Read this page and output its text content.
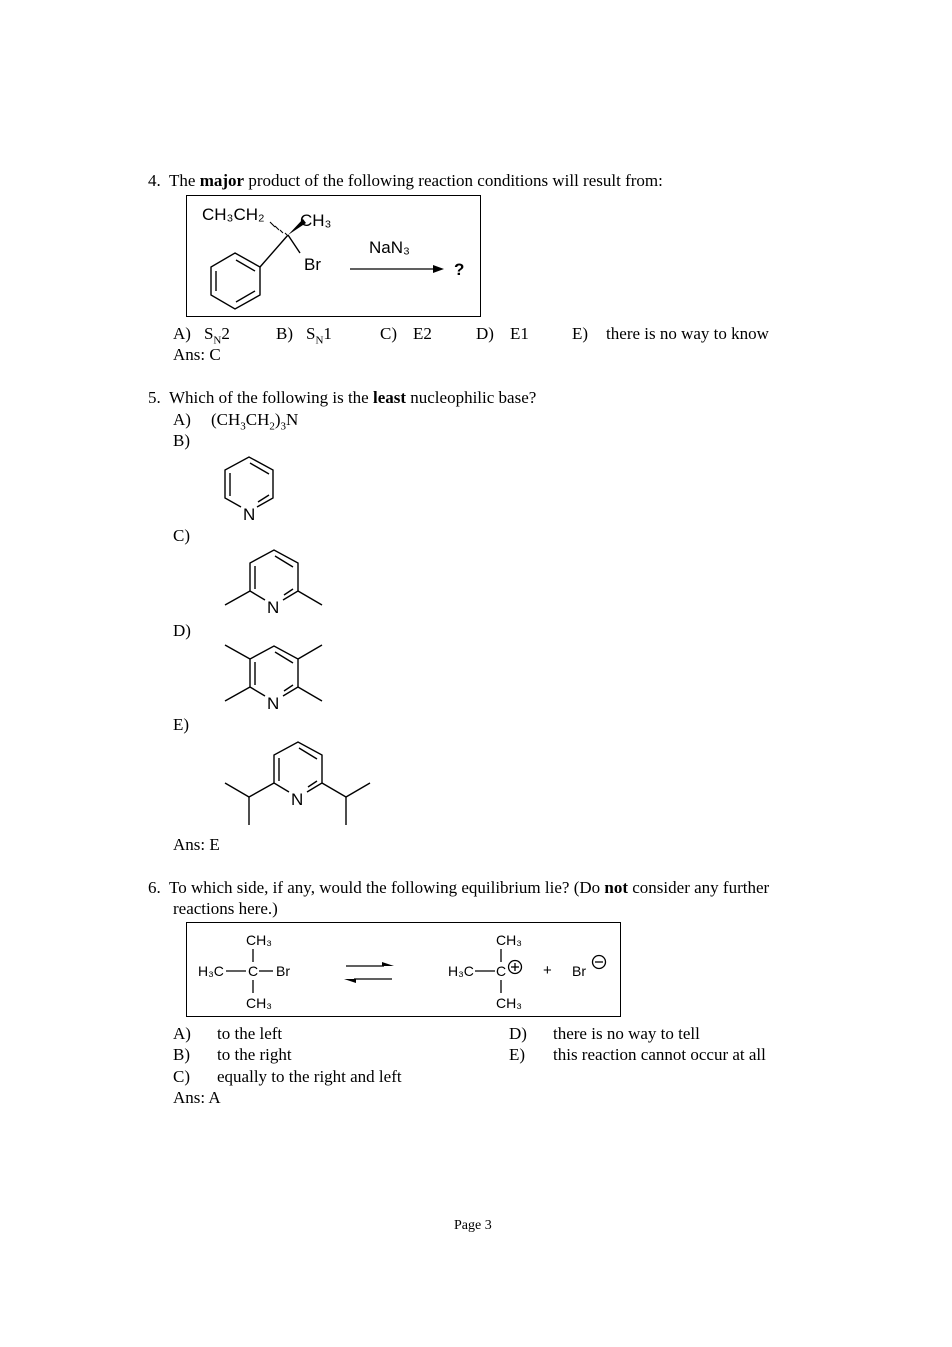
4. The major product of the following reaction conditions will result from:
CH₃CH₂ CH₃
Br
NaN₃
?
A) $S_N2$	B) $S_N1$	C) E2	D) E1	E) there is no way to know
Ans: C
5. Which of the following is the least nucleophilic base?
A) $(CH_3CH_2)_3N$
B)
C)
D)
E)
N
N
N
N
Ans: E
6. To which side, if any, would the following equilibrium lie? (Do not consider any further
reactions here.)
CH₃
H₃C C Br
CH₃
CH₃
H₃C C
CH₃
+ Br
A) to the left
B) to the right
C) equally to the right and left
D) there is no way to tell
E) this reaction cannot occur at all
Ans: A
Page 3
